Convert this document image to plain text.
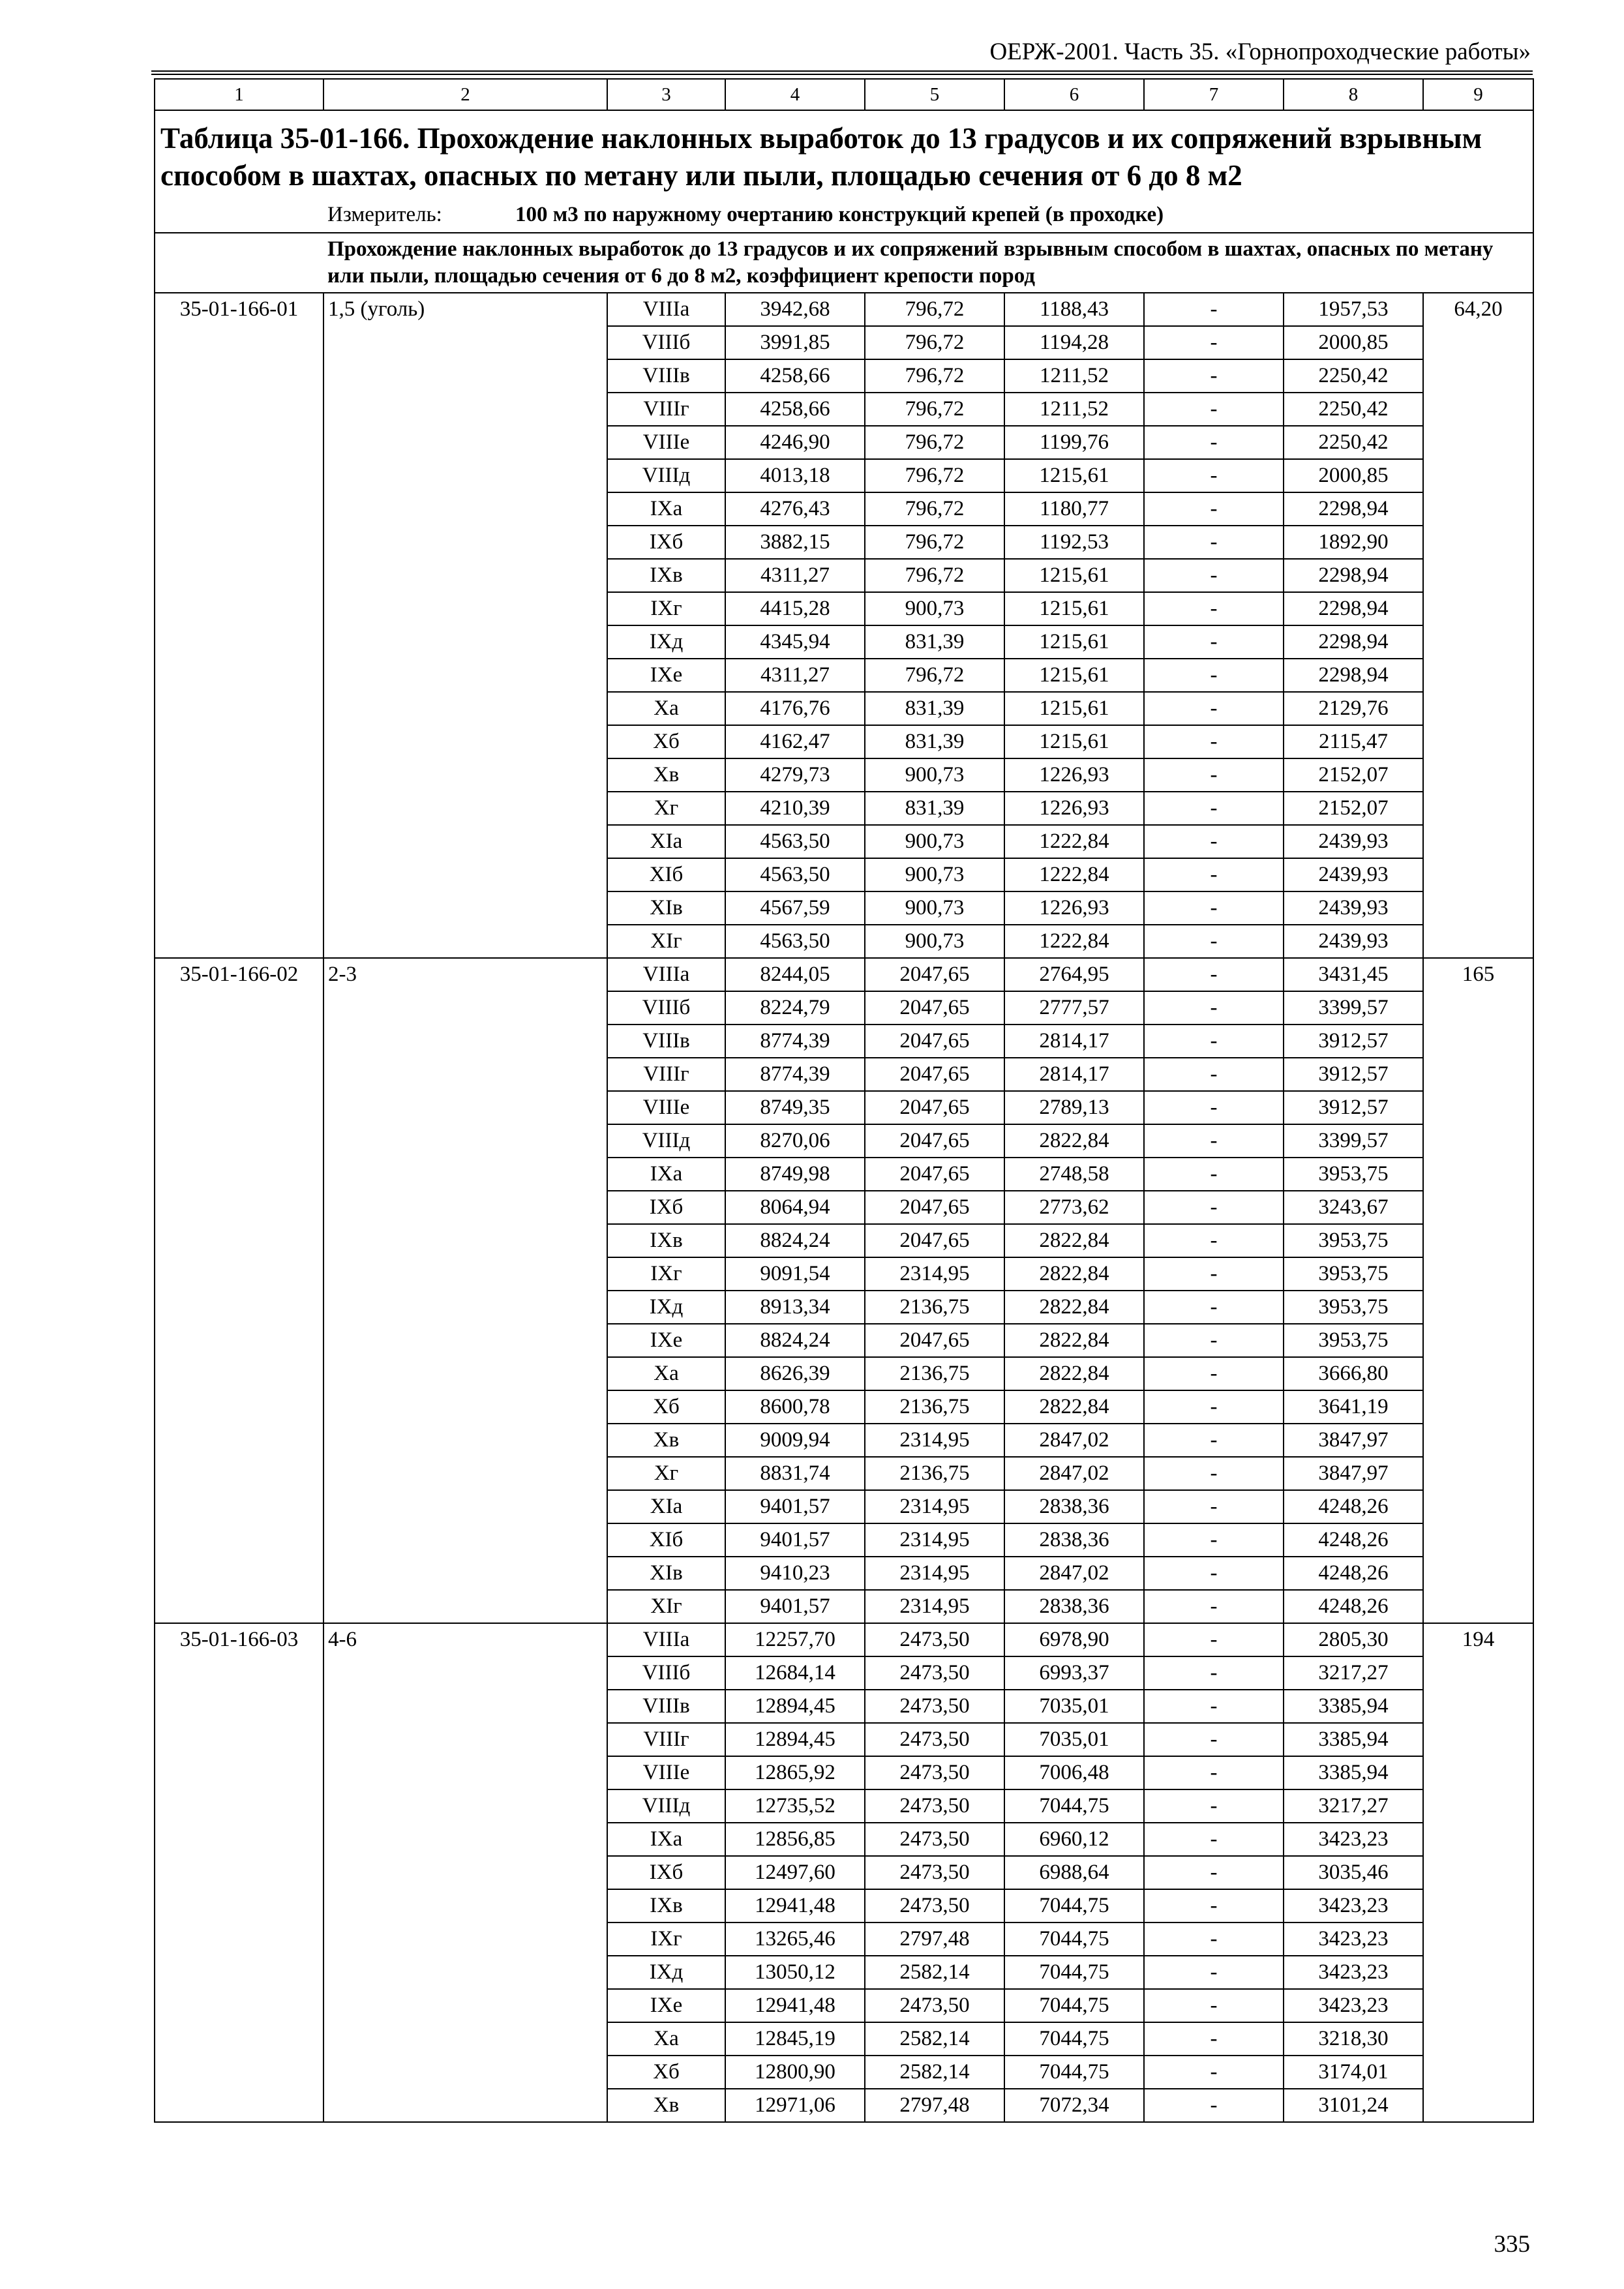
ОЕРЖ-2001. Часть 35. «Горнопроходческие работы»
1	2	3	4	5	6	7	8	9
Таблица 35-01-166. Прохождение наклонных выработок до 13 градусов и их сопряжений взрывным способом в шахтах, опасных по метану или пыли, площадью сечения от 6 до 8 м2								
Измеритель: 100 м3 по наружному очертанию конструкций крепей (в проходке)								
Прохождение наклонных выработок до 13 градусов и их сопряжений взрывным способом в шахтах, опасных по метану или пыли, площадью сечения от 6 до 8 м2, коэффициент крепости пород								
35-01-166-01	1,5 (уголь)	VIIIа	3942,68	796,72	1188,43	-	1957,53	64,20
		VIIIб	3991,85	796,72	1194,28	-	2000,85	
		VIIIв	4258,66	796,72	1211,52	-	2250,42	
		VIIIг	4258,66	796,72	1211,52	-	2250,42	
		VIIIе	4246,90	796,72	1199,76	-	2250,42	
		VIIIд	4013,18	796,72	1215,61	-	2000,85	
		IXа	4276,43	796,72	1180,77	-	2298,94	
		IXб	3882,15	796,72	1192,53	-	1892,90	
		IXв	4311,27	796,72	1215,61	-	2298,94	
		IXг	4415,28	900,73	1215,61	-	2298,94	
		IXд	4345,94	831,39	1215,61	-	2298,94	
		IXе	4311,27	796,72	1215,61	-	2298,94	
		Xа	4176,76	831,39	1215,61	-	2129,76	
		Xб	4162,47	831,39	1215,61	-	2115,47	
		Xв	4279,73	900,73	1226,93	-	2152,07	
		Xг	4210,39	831,39	1226,93	-	2152,07	
		XIа	4563,50	900,73	1222,84	-	2439,93	
		XIб	4563,50	900,73	1222,84	-	2439,93	
		XIв	4567,59	900,73	1226,93	-	2439,93	
		XIг	4563,50	900,73	1222,84	-	2439,93	
35-01-166-02	2-3	VIIIа	8244,05	2047,65	2764,95	-	3431,45	165
		VIIIб	8224,79	2047,65	2777,57	-	3399,57	
		VIIIв	8774,39	2047,65	2814,17	-	3912,57	
		VIIIг	8774,39	2047,65	2814,17	-	3912,57	
		VIIIе	8749,35	2047,65	2789,13	-	3912,57	
		VIIIд	8270,06	2047,65	2822,84	-	3399,57	
		IXа	8749,98	2047,65	2748,58	-	3953,75	
		IXб	8064,94	2047,65	2773,62	-	3243,67	
		IXв	8824,24	2047,65	2822,84	-	3953,75	
		IXг	9091,54	2314,95	2822,84	-	3953,75	
		IXд	8913,34	2136,75	2822,84	-	3953,75	
		IXе	8824,24	2047,65	2822,84	-	3953,75	
		Xа	8626,39	2136,75	2822,84	-	3666,80	
		Xб	8600,78	2136,75	2822,84	-	3641,19	
		Xв	9009,94	2314,95	2847,02	-	3847,97	
		Xг	8831,74	2136,75	2847,02	-	3847,97	
		XIа	9401,57	2314,95	2838,36	-	4248,26	
		XIб	9401,57	2314,95	2838,36	-	4248,26	
		XIв	9410,23	2314,95	2847,02	-	4248,26	
		XIг	9401,57	2314,95	2838,36	-	4248,26	
35-01-166-03	4-6	VIIIа	12257,70	2473,50	6978,90	-	2805,30	194
		VIIIб	12684,14	2473,50	6993,37	-	3217,27	
		VIIIв	12894,45	2473,50	7035,01	-	3385,94	
		VIIIг	12894,45	2473,50	7035,01	-	3385,94	
		VIIIе	12865,92	2473,50	7006,48	-	3385,94	
		VIIIд	12735,52	2473,50	7044,75	-	3217,27	
		IXа	12856,85	2473,50	6960,12	-	3423,23	
		IXб	12497,60	2473,50	6988,64	-	3035,46	
		IXв	12941,48	2473,50	7044,75	-	3423,23	
		IXг	13265,46	2797,48	7044,75	-	3423,23	
		IXд	13050,12	2582,14	7044,75	-	3423,23	
		IXе	12941,48	2473,50	7044,75	-	3423,23	
		Xа	12845,19	2582,14	7044,75	-	3218,30	
		Xб	12800,90	2582,14	7044,75	-	3174,01	
		Xв	12971,06	2797,48	7072,34	-	3101,24	
335
